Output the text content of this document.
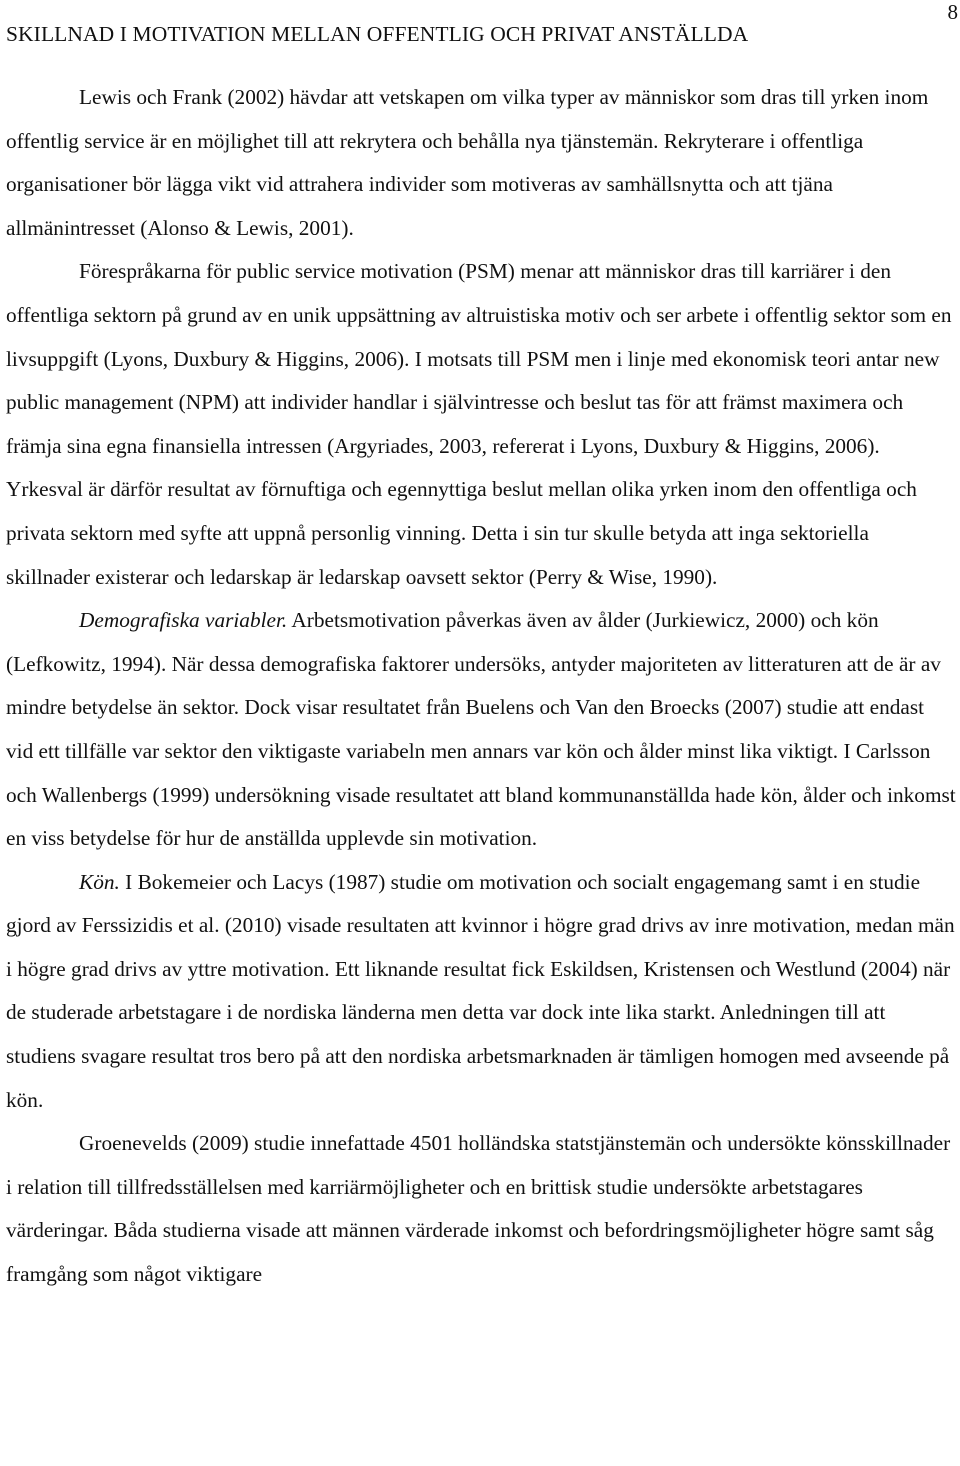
SKILLNAD I MOTIVATION MELLAN OFFENTLIG OCH PRIVAT ANSTÄLLDA
8

Lewis och Frank (2002) hävdar att vetskapen om vilka typer av människor som dras till yrken inom offentlig service är en möjlighet till att rekrytera och behålla nya tjänstemän. Rekryterare i offentliga organisationer bör lägga vikt vid attrahera individer som motiveras av samhällsnytta och att tjäna allmänintresset (Alonso & Lewis, 2001).

Förespråkarna för public service motivation (PSM) menar att människor dras till karriärer i den offentliga sektorn på grund av en unik uppsättning av altruistiska motiv och ser arbete i offentlig sektor som en livsuppgift (Lyons, Duxbury & Higgins, 2006). I motsats till PSM men i linje med ekonomisk teori antar new public management (NPM) att individer handlar i självintresse och beslut tas för att främst maximera och främja sina egna finansiella intressen (Argyriades, 2003, refererat i Lyons, Duxbury & Higgins, 2006). Yrkesval är därför resultat av förnuftiga och egennyttiga beslut mellan olika yrken inom den offentliga och privata sektorn med syfte att uppnå personlig vinning. Detta i sin tur skulle betyda att inga sektoriella skillnader existerar och ledarskap är ledarskap oavsett sektor (Perry & Wise, 1990).

Demografiska variabler. Arbetsmotivation påverkas även av ålder (Jurkiewicz, 2000) och kön (Lefkowitz, 1994). När dessa demografiska faktorer undersöks, antyder majoriteten av litteraturen att de är av mindre betydelse än sektor. Dock visar resultatet från Buelens och Van den Broecks (2007) studie att endast vid ett tillfälle var sektor den viktigaste variabeln men annars var kön och ålder minst lika viktigt. I Carlsson och Wallenbergs (1999) undersökning visade resultatet att bland kommunanställda hade kön, ålder och inkomst en viss betydelse för hur de anställda upplevde sin motivation.

Kön. I Bokemeier och Lacys (1987) studie om motivation och socialt engagemang samt i en studie gjord av Ferssizidis et al. (2010) visade resultaten att kvinnor i högre grad drivs av inre motivation, medan män i högre grad drivs av yttre motivation. Ett liknande resultat fick Eskildsen, Kristensen och Westlund (2004) när de studerade arbetstagare i de nordiska länderna men detta var dock inte lika starkt. Anledningen till att studiens svagare resultat tros bero på att den nordiska arbetsmarknaden är tämligen homogen med avseende på kön.

Groenevelds (2009) studie innefattade 4501 holländska statstjänstemän och undersökte könsskillnader i relation till tillfredsställelsen med karriärmöjligheter och en brittisk studie undersökte arbetstagares värderingar. Båda studierna visade att männen värderade inkomst och befordringsmöjligheter högre samt såg framgång som något viktigare
